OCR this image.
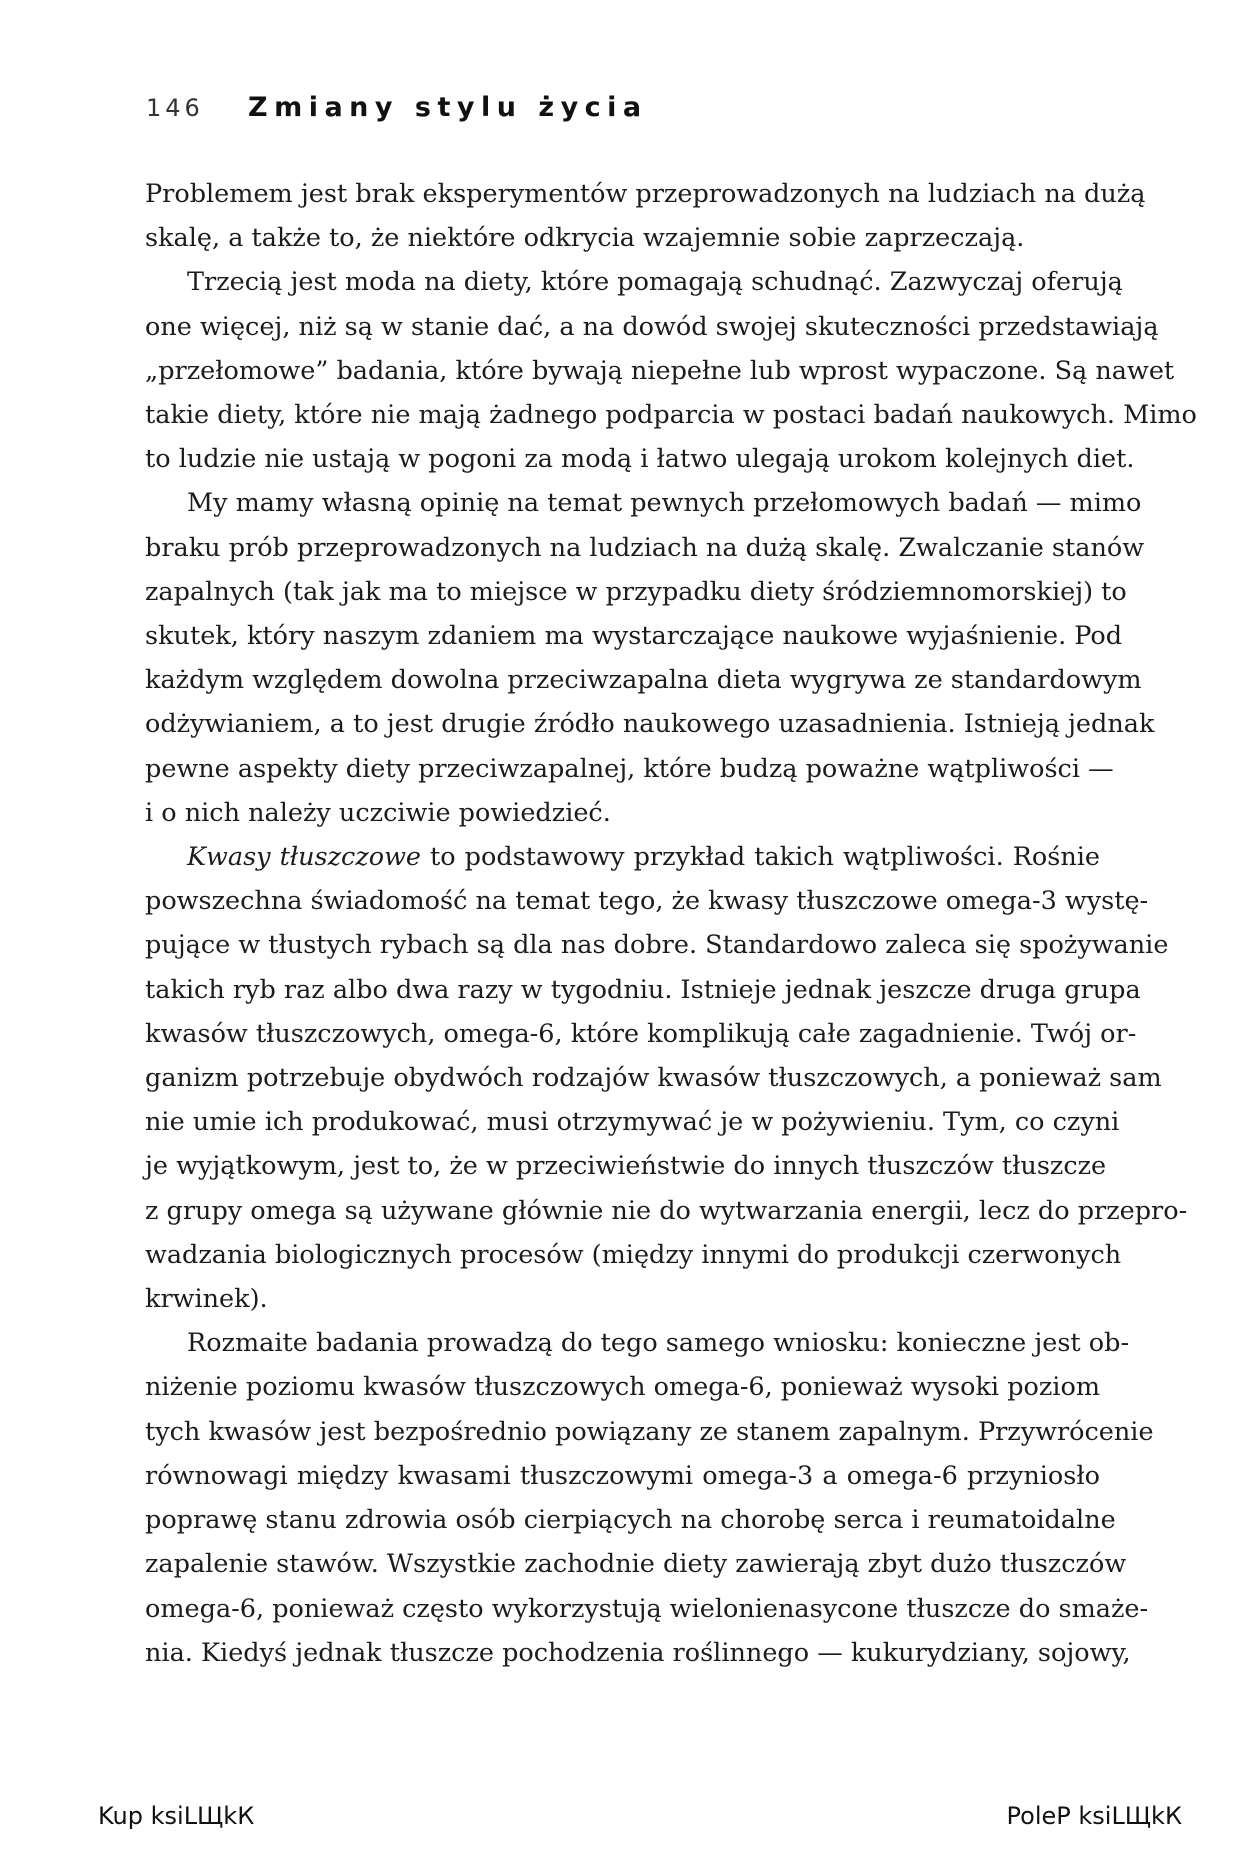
146	Zmiany stylu życia

Problemem jest brak eksperymentów przeprowadzonych na ludziach na dużą
skalę, a także to, że niektóre odkrycia wzajemnie sobie zaprzeczają.

Trzecią jest moda na diety, które pomagają schudnąć. Zazwyczaj oferują
one więcej, niż są w stanie dać, a na dowód swojej skuteczności przedstawiają
„przełomowe” badania, które bywają niepełne lub wprost wypaczone. Są nawet
takie diety, które nie mają żadnego podparcia w postaci badań naukowych. Mimo
to ludzie nie ustają w pogoni za modą i łatwo ulegają urokom kolejnych diet.

My mamy własną opinię na temat pewnych przełomowych badań — mimo
braku prób przeprowadzonych na ludziach na dużą skalę. Zwalczanie stanów
zapalnych (tak jak ma to miejsce w przypadku diety śródziemnomorskiej) to
skutek, który naszym zdaniem ma wystarczające naukowe wyjaśnienie. Pod
każdym względem dowolna przeciwzapalna dieta wygrywa ze standardowym
odżywianiem, a to jest drugie źródło naukowego uzasadnienia. Istnieją jednak
pewne aspekty diety przeciwzapalnej, które budzą poważne wątpliwości —
i o nich należy uczciwie powiedzieć.

Kwasy tłuszczowe to podstawowy przykład takich wątpliwości. Rośnie
powszechna świadomość na temat tego, że kwasy tłuszczowe omega-3 wystę-
pujące w tłustych rybach są dla nas dobre. Standardowo zaleca się spożywanie
takich ryb raz albo dwa razy w tygodniu. Istnieje jednak jeszcze druga grupa
kwasów tłuszczowych, omega-6, które komplikują całe zagadnienie. Twój or-
ganizm potrzebuje obydwóch rodzajów kwasów tłuszczowych, a ponieważ sam
nie umie ich produkować, musi otrzymywać je w pożywieniu. Tym, co czyni
je wyjątkowym, jest to, że w przeciwieństwie do innych tłuszczów tłuszcze
z grupy omega są używane głównie nie do wytwarzania energii, lecz do przepro-
wadzania biologicznych procesów (między innymi do produkcji czerwonych
krwinek).

Rozmaite badania prowadzą do tego samego wniosku: konieczne jest ob-
niżenie poziomu kwasów tłuszczowych omega-6, ponieważ wysoki poziom
tych kwasów jest bezpośrednio powiązany ze stanem zapalnym. Przywrócenie
równowagi między kwasami tłuszczowymi omega-3 a omega-6 przyniosło
poprawę stanu zdrowia osób cierpiących na chorobę serca i reumatoidalne
zapalenie stawów. Wszystkie zachodnie diety zawierają zbyt dużo tłuszczów
omega-6, ponieważ często wykorzystują wielonienasycone tłuszcze do smaże-
nia. Kiedyś jednak tłuszcze pochodzenia roślinnego — kukurydziany, sojowy,

Kup ksiLЩkК	PoleР ksiLЩkК
